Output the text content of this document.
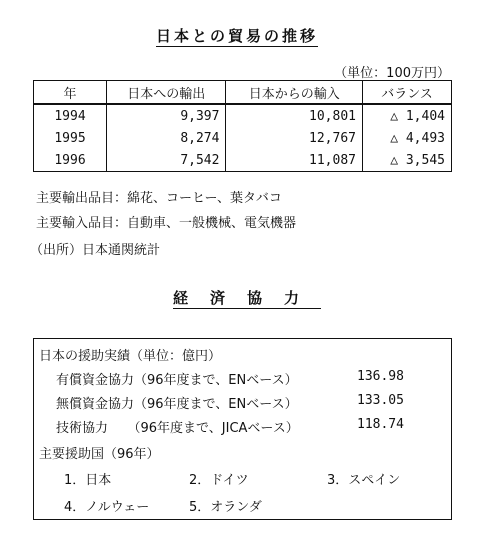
日本との貿易の推移
（単位：100万円）
年	日本への輸出	日本からの輸入	バランス
1994	9,397	10,801	△ 1,404
1995	8,274	12,767	△ 4,493
1996	7,542	11,087	△ 3,545
主要輸出品目：綿花、コーヒー、葉タバコ
主要輸入品目：自動車、一般機械、電気機器
（出所）日本通関統計
経済協力
日本の援助実績（単位：億円）
有償資金協力（96年度まで、ENベース）	136.98
無償資金協力（96年度まで、ENベース）	133.05
技術協力　　（96年度まで、JICAベース）	118.74
主要援助国（96年）
1．日本	2．ドイツ	3．スペイン
4．ノルウェー	5．オランダ
